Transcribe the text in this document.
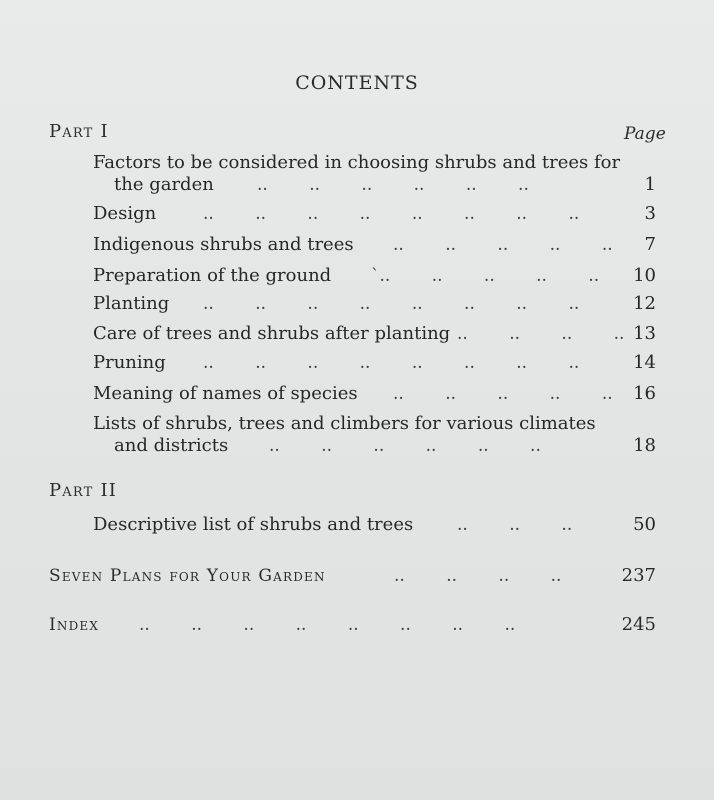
CONTENTS
Part I	Page
Factors to be considered in choosing shrubs and trees for
the garden	.. .. .. .. .. ..	1
Design	.. .. .. .. .. .. .. ..	3
Indigenous shrubs and trees .. .. .. .. .. 7
Preparation of the ground `.. .. .. .. .. 10
Planting .. .. .. .. .. .. .. ..	12
Care of trees and shrubs after planting .. .. .. .. 13
Pruning .. .. .. .. .. .. .. ..	14
Meaning of names of species .. .. .. .. .. 16
Lists of shrubs, trees and climbers for various climates
and districts .. .. .. .. .. ..	18
Part II
Descriptive list of shrubs and trees	.. .. ..	50
Seven Plans for Your Garden	.. .. .. ..	237
Index .. .. .. .. .. .. .. ..	245
